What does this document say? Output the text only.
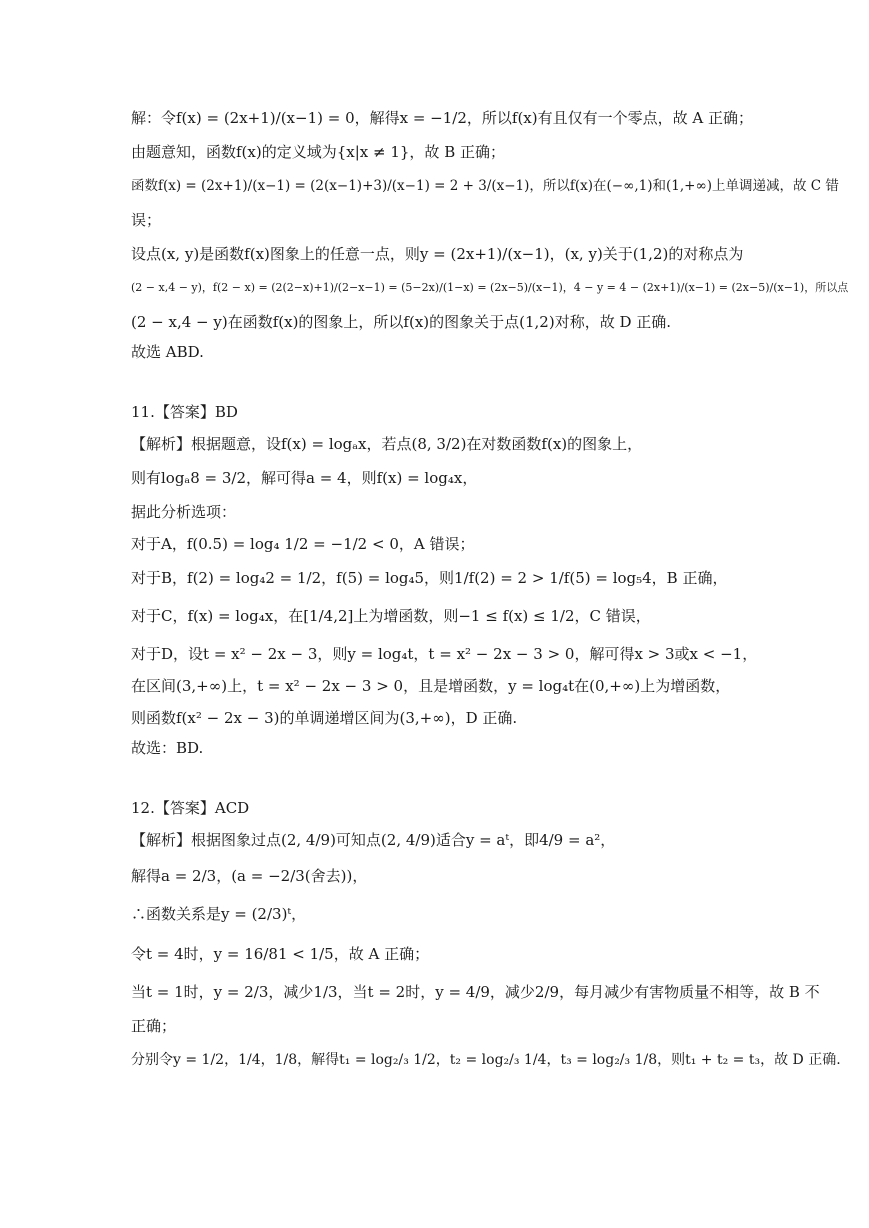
解：令f(x) = (2x+1)/(x−1) = 0，解得x = −1/2，所以f(x)有且仅有一个零点，故 A 正确；
由题意知，函数f(x)的定义域为{x|x ≠ 1}，故 B 正确；
函数f(x) = (2x+1)/(x−1) = (2(x−1)+3)/(x−1) = 2 + 3/(x−1)，所以f(x)在(−∞,1)和(1,+∞)上单调递减，故 C 错
误；
设点(x, y)是函数f(x)图象上的任意一点，则y = (2x+1)/(x−1)，(x, y)关于(1,2)的对称点为
(2 − x,4 − y)，f(2 − x) = (2(2−x)+1)/(2−x−1) = (5−2x)/(1−x) = (2x−5)/(x−1)，4 − y = 4 − (2x+1)/(x−1) = (2x−5)/(x−1)，所以点
(2 − x,4 − y)在函数f(x)的图象上，所以f(x)的图象关于点(1,2)对称，故 D 正确.
故选 ABD.
11.【答案】BD
【解析】根据题意，设f(x) = logₐx，若点(8, 3/2)在对数函数f(x)的图象上，
则有logₐ8 = 3/2，解可得a = 4，则f(x) = log₄x，
据此分析选项：
对于A，f(0.5) = log₄ 1/2 = −1/2 < 0，A 错误；
对于B，f(2) = log₄2 = 1/2，f(5) = log₄5，则1/f(2) = 2 > 1/f(5) = log₅4，B 正确，
对于C，f(x) = log₄x，在[1/4,2]上为增函数，则−1 ≤ f(x) ≤ 1/2，C 错误，
对于D，设t = x² − 2x − 3，则y = log₄t，t = x² − 2x − 3 > 0，解可得x > 3或x < −1，
在区间(3,+∞)上，t = x² − 2x − 3 > 0，且是增函数，y = log₄t在(0,+∞)上为增函数，
则函数f(x² − 2x − 3)的单调递增区间为(3,+∞)，D 正确.
故选：BD.
12.【答案】ACD
【解析】根据图象过点(2, 4/9)可知点(2, 4/9)适合y = aᵗ，即4/9 = a²，
解得a = 2/3，(a = −2/3(舍去))，
∴函数关系是y = (2/3)ᵗ，
令t = 4时，y = 16/81 < 1/5，故 A 正确；
当t = 1时，y = 2/3，减少1/3，当t = 2时，y = 4/9，减少2/9，每月减少有害物质量不相等，故 B 不
正确；
分别令y = 1/2，1/4，1/8，解得t₁ = log₂/₃ 1/2，t₂ = log₂/₃ 1/4，t₃ = log₂/₃ 1/8，则t₁ + t₂ = t₃，故 D 正确.
